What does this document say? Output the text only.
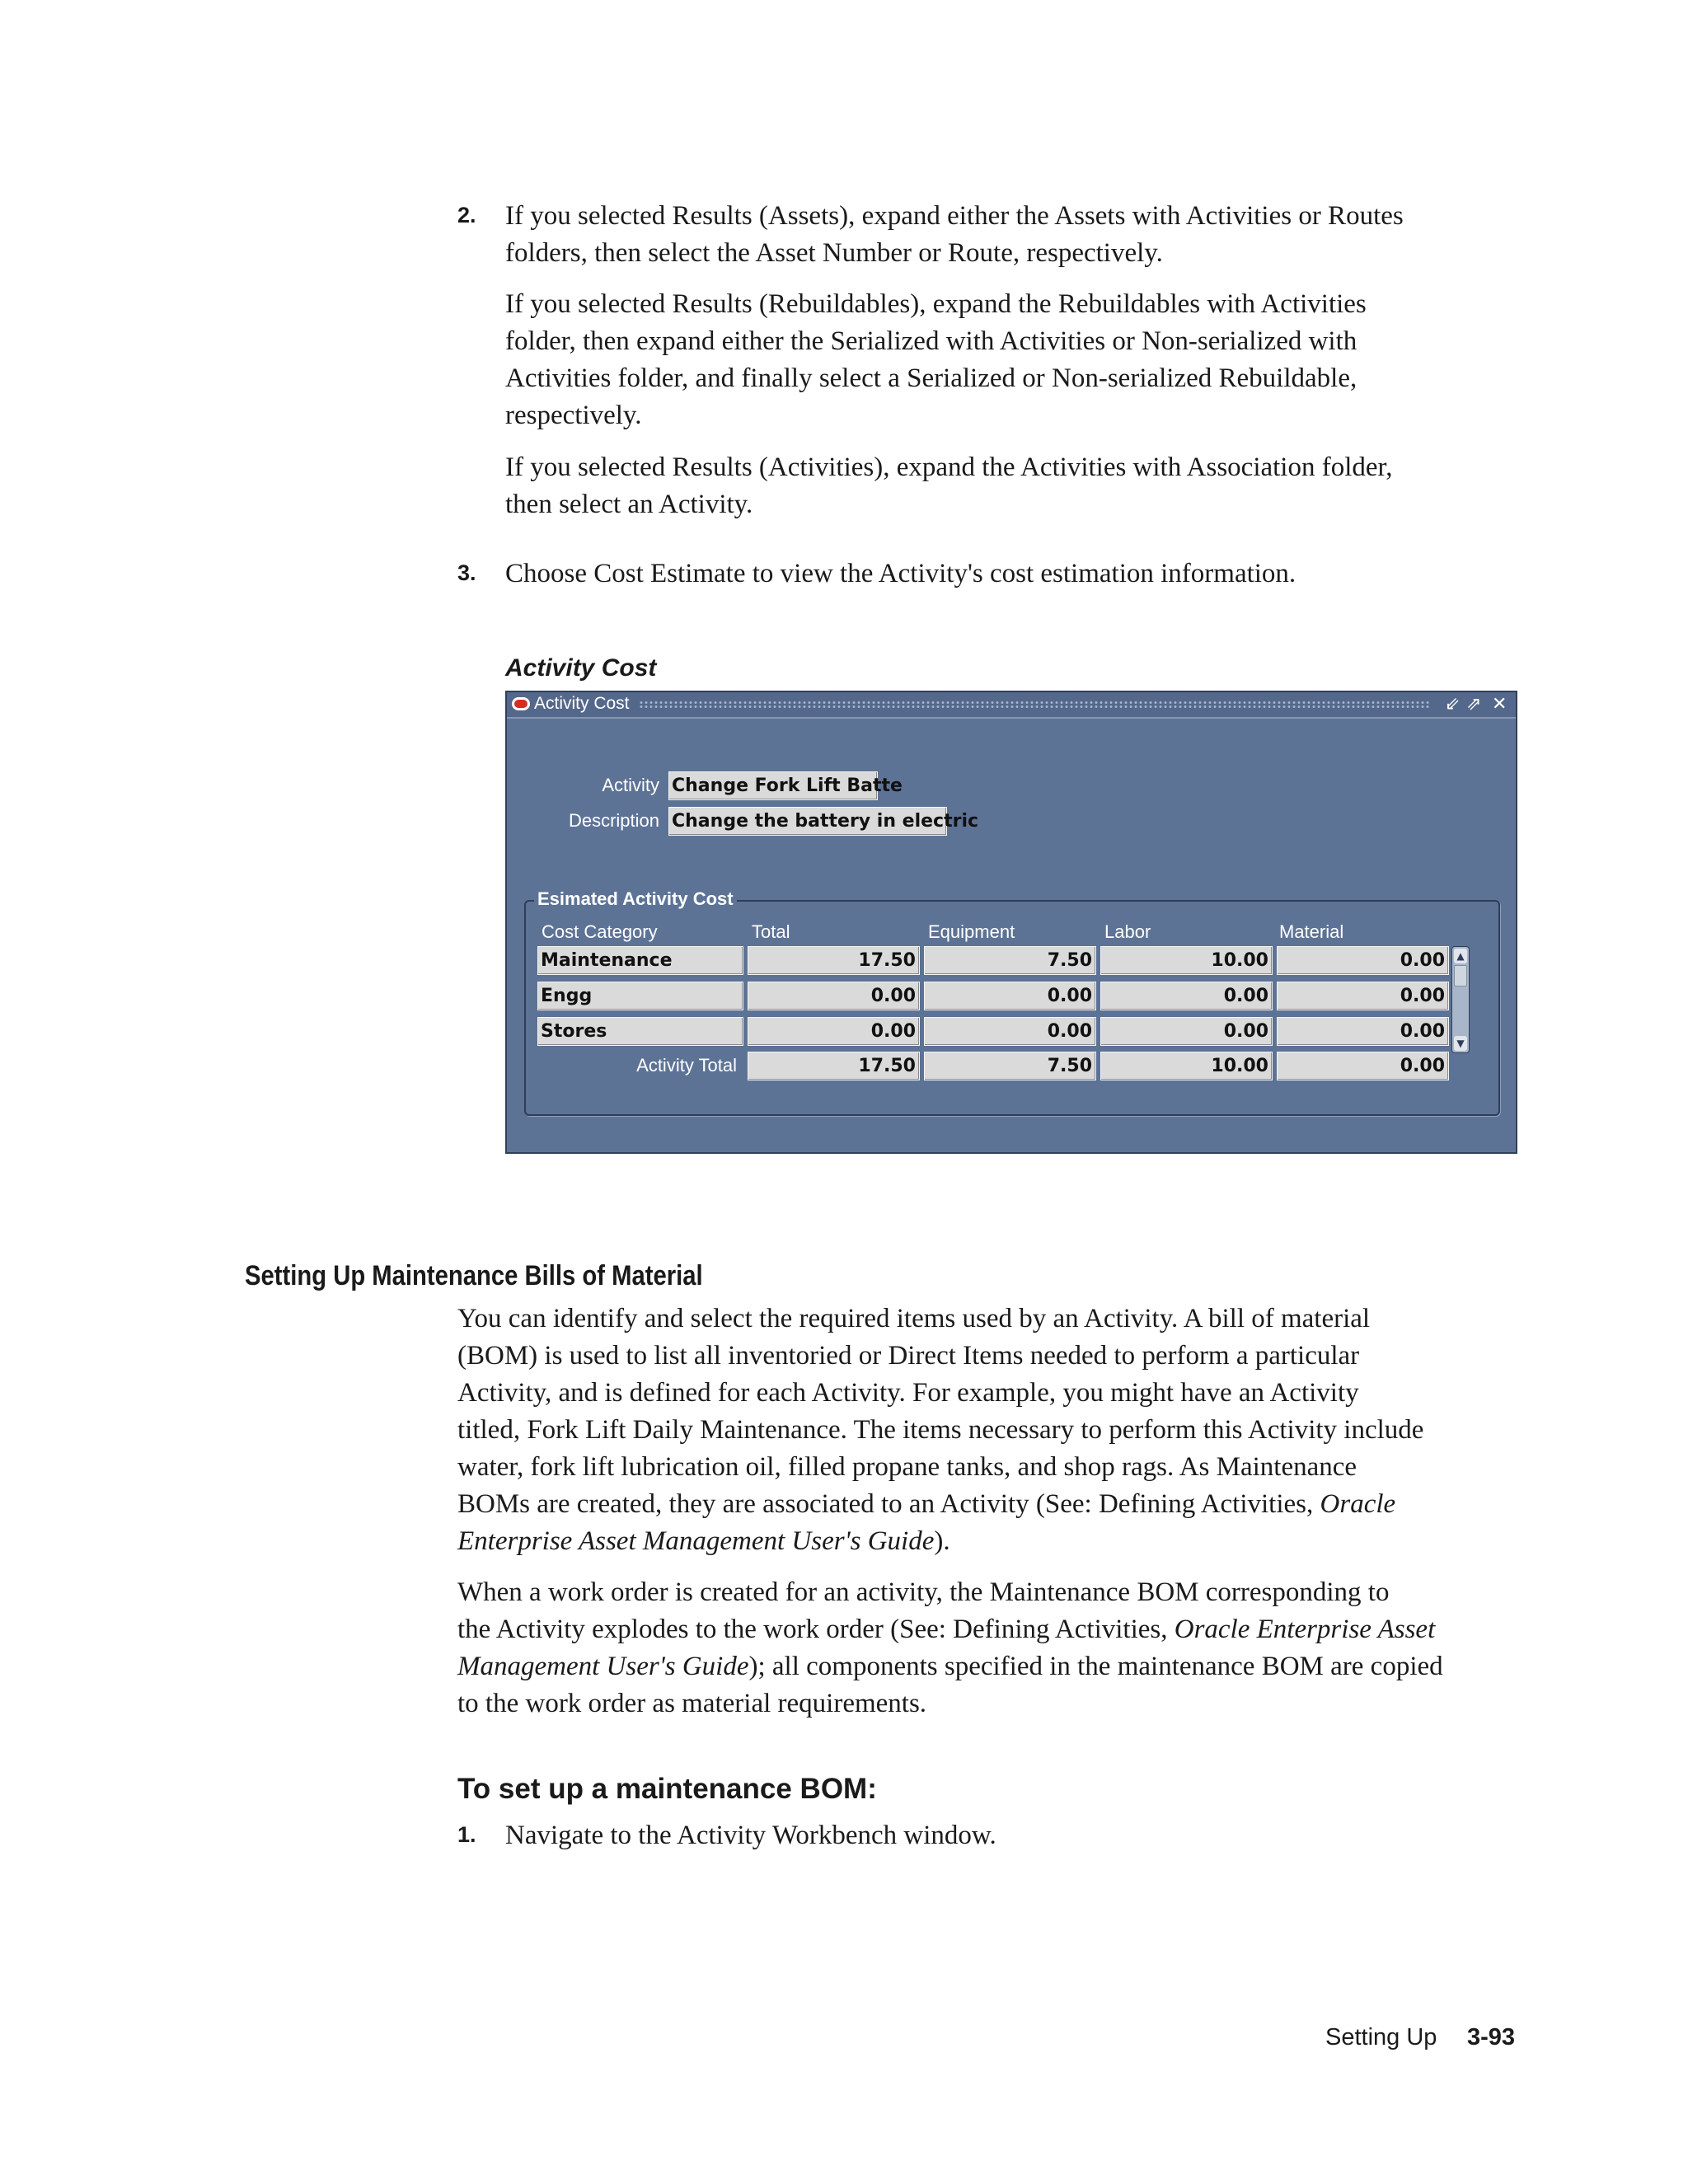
2. If you selected Results (Assets), expand either the Assets with Activities or Routes
folders, then select the Asset Number or Route, respectively.
If you selected Results (Rebuildables), expand the Rebuildables with Activities
folder, then expand either the Serialized with Activities or Non-serialized with
Activities folder, and finally select a Serialized or Non-serialized Rebuildable,
respectively.
If you selected Results (Activities), expand the Activities with Association folder,
then select an Activity.
3. Choose Cost Estimate to view the Activity's cost estimation information.
Activity Cost
Activity Cost	⇙ ⇗ ✕
Activity Change Fork Lift Batte
Description Change the battery in electric
Esimated Activity Cost
Cost Category	Total	Equipment	Labor	Material
Maintenance	17.50	7.50	10.00	0.00
Engg	0.00	0.00	0.00	0.00
Stores	0.00	0.00	0.00	0.00
Activity Total	17.50	7.50	10.00	0.00
▲
▼
Setting Up Maintenance Bills of Material
You can identify and select the required items used by an Activity. A bill of material
(BOM) is used to list all inventoried or Direct Items needed to perform a particular
Activity, and is defined for each Activity. For example, you might have an Activity
titled, Fork Lift Daily Maintenance. The items necessary to perform this Activity include
water, fork lift lubrication oil, filled propane tanks, and shop rags. As Maintenance
BOMs are created, they are associated to an Activity (See: Defining Activities, Oracle
Enterprise Asset Management User's Guide).
When a work order is created for an activity, the Maintenance BOM corresponding to
the Activity explodes to the work order (See: Defining Activities, Oracle Enterprise Asset
Management User's Guide); all components specified in the maintenance BOM are copied
to the work order as material requirements.
To set up a maintenance BOM:
1. Navigate to the Activity Workbench window.
Setting Up 3-93
